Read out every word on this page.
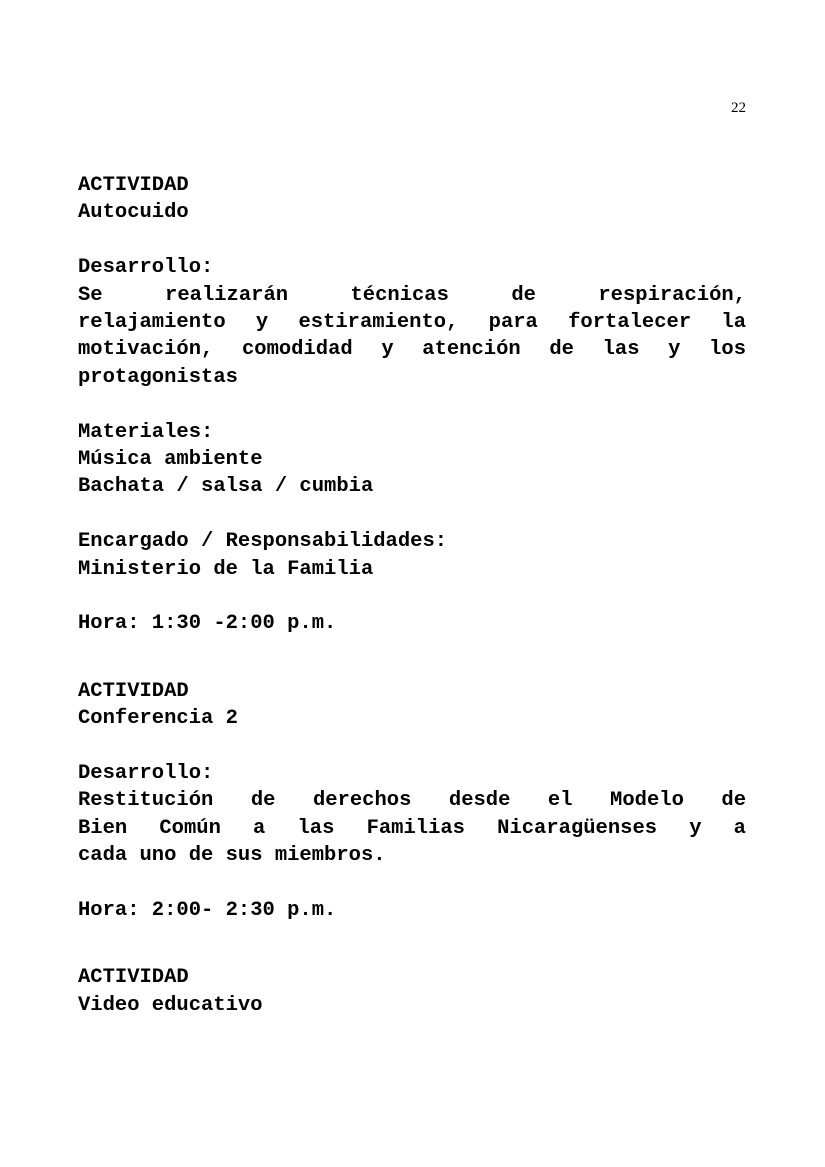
22
ACTIVIDAD
Autocuido
Desarrollo:
Se realizarán técnicas de respiración,
relajamiento y estiramiento, para fortalecer la
motivación, comodidad y atención de las y los
protagonistas
Materiales:
Música ambiente
Bachata / salsa / cumbia
Encargado / Responsabilidades:
Ministerio de la Familia
Hora: 1:30 -2:00 p.m.
ACTIVIDAD
Conferencia 2
Desarrollo:
Restitución de derechos desde el Modelo de
Bien Común a las Familias Nicaragüenses y a
cada uno de sus miembros.
Hora: 2:00- 2:30 p.m.
ACTIVIDAD
Video educativo
